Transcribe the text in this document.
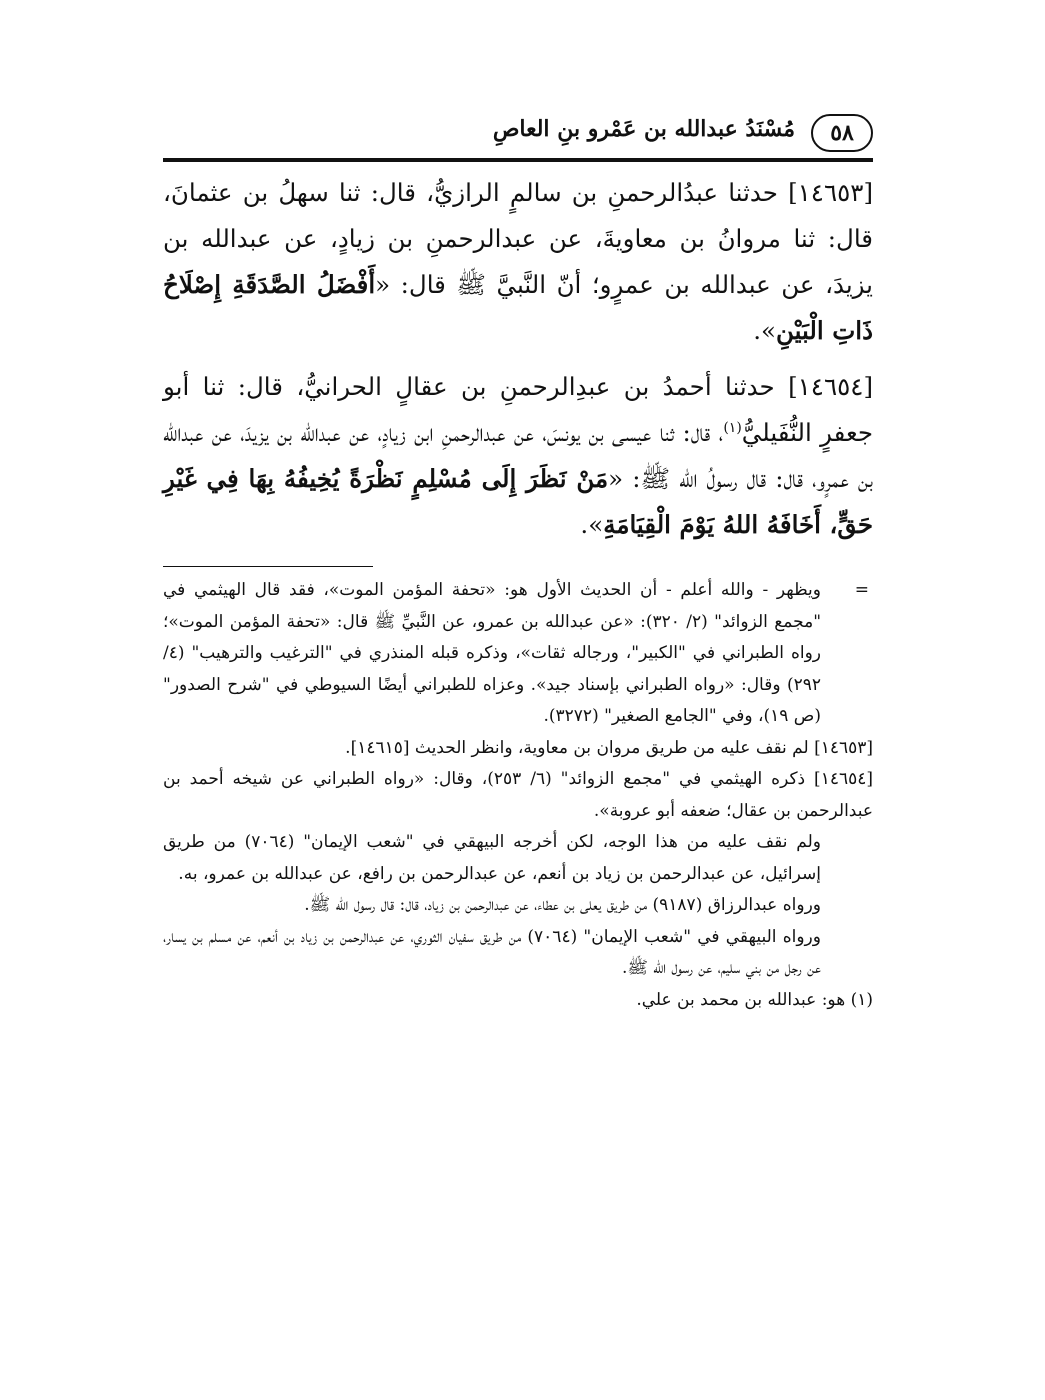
٥٨
مُسْنَدُ عبدالله بن عَمْرو بنِ العاصِ

[١٤٦٥٣] حدثنا عبدُالرحمنِ بن سالمٍ الرازيُّ، قال: ثنا سهلُ بن عثمانَ، قال: ثنا مروانُ بن معاويةَ، عن عبدالرحمنِ بن زيادٍ، عن عبدالله بن يزيدَ، عن عبدالله بن عمرٍو؛ أنّ النَّبيَّ ﷺ قال: «أَفْضَلُ الصَّدَقَةِ إِصْلَاحُ ذَاتِ الْبَيْنِ».

[١٤٦٥٤] حدثنا أحمدُ بن عبدِالرحمنِ بن عقالٍ الحرانيُّ، قال: ثنا أبو جعفرٍ النُّفَيليُّ$^{(١)}$، قال: ثنا عيسى بن يونسَ، عن عبدالرحمنِ ابن زيادٍ، عن عبدالله بن يزيدَ، عن عبدالله بن عمرٍو، قال: قال رسولُ الله ﷺ: «مَنْ نَظَرَ إِلَى مُسْلِمٍ نَظْرَةً يُخِيفُهُ بِهَا فِي غَيْرِ حَقٍّ، أَخَافَهُ اللهُ يَوْمَ الْقِيَامَةِ».

=

ويظهر - والله أعلم - أن الحديث الأول هو: «تحفة المؤمن الموت»، فقد قال الهيثمي في "مجمع الزوائد" (٢/ ٣٢٠): «عن عبدالله بن عمرو، عن النَّبيِّ ﷺ قال: «تحفة المؤمن الموت»؛ رواه الطبراني في "الكبير"، ورجاله ثقات»، وذكره قبله المنذري في "الترغيب والترهيب" (٤/ ٢٩٢) وقال: «رواه الطبراني بإسناد جيد». وعزاه للطبراني أيضًا السيوطي في "شرح الصدور" (ص ١٩)، وفي "الجامع الصغير" (٣٢٧٢).

[١٤٦٥٣] لم نقف عليه من طريق مروان بن معاوية، وانظر الحديث [١٤٦١٥].

[١٤٦٥٤] ذكره الهيثمي في "مجمع الزوائد" (٦/ ٢٥٣)، وقال: «رواه الطبراني عن شيخه أحمد بن عبدالرحمن بن عقال؛ ضعفه أبو عروبة».

ولم نقف عليه من هذا الوجه، لكن أخرجه البيهقي في "شعب الإيمان" (٧٠٦٤) من طريق إسرائيل، عن عبدالرحمن بن زياد بن أنعم، عن عبدالرحمن بن رافع، عن عبدالله بن عمرو، به.

ورواه عبدالرزاق (٩١٨٧) من طريق يعلى بن عطاء، عن عبدالرحمن بن زياد، قال: قال رسول الله ﷺ.

ورواه البيهقي في "شعب الإيمان" (٧٠٦٤) من طريق سفيان الثوري، عن عبدالرحمن بن زياد بن أنعم، عن مسلم بن يسار، عن رجل من بني سليم، عن رسول الله ﷺ.

(١) هو: عبدالله بن محمد بن علي.
